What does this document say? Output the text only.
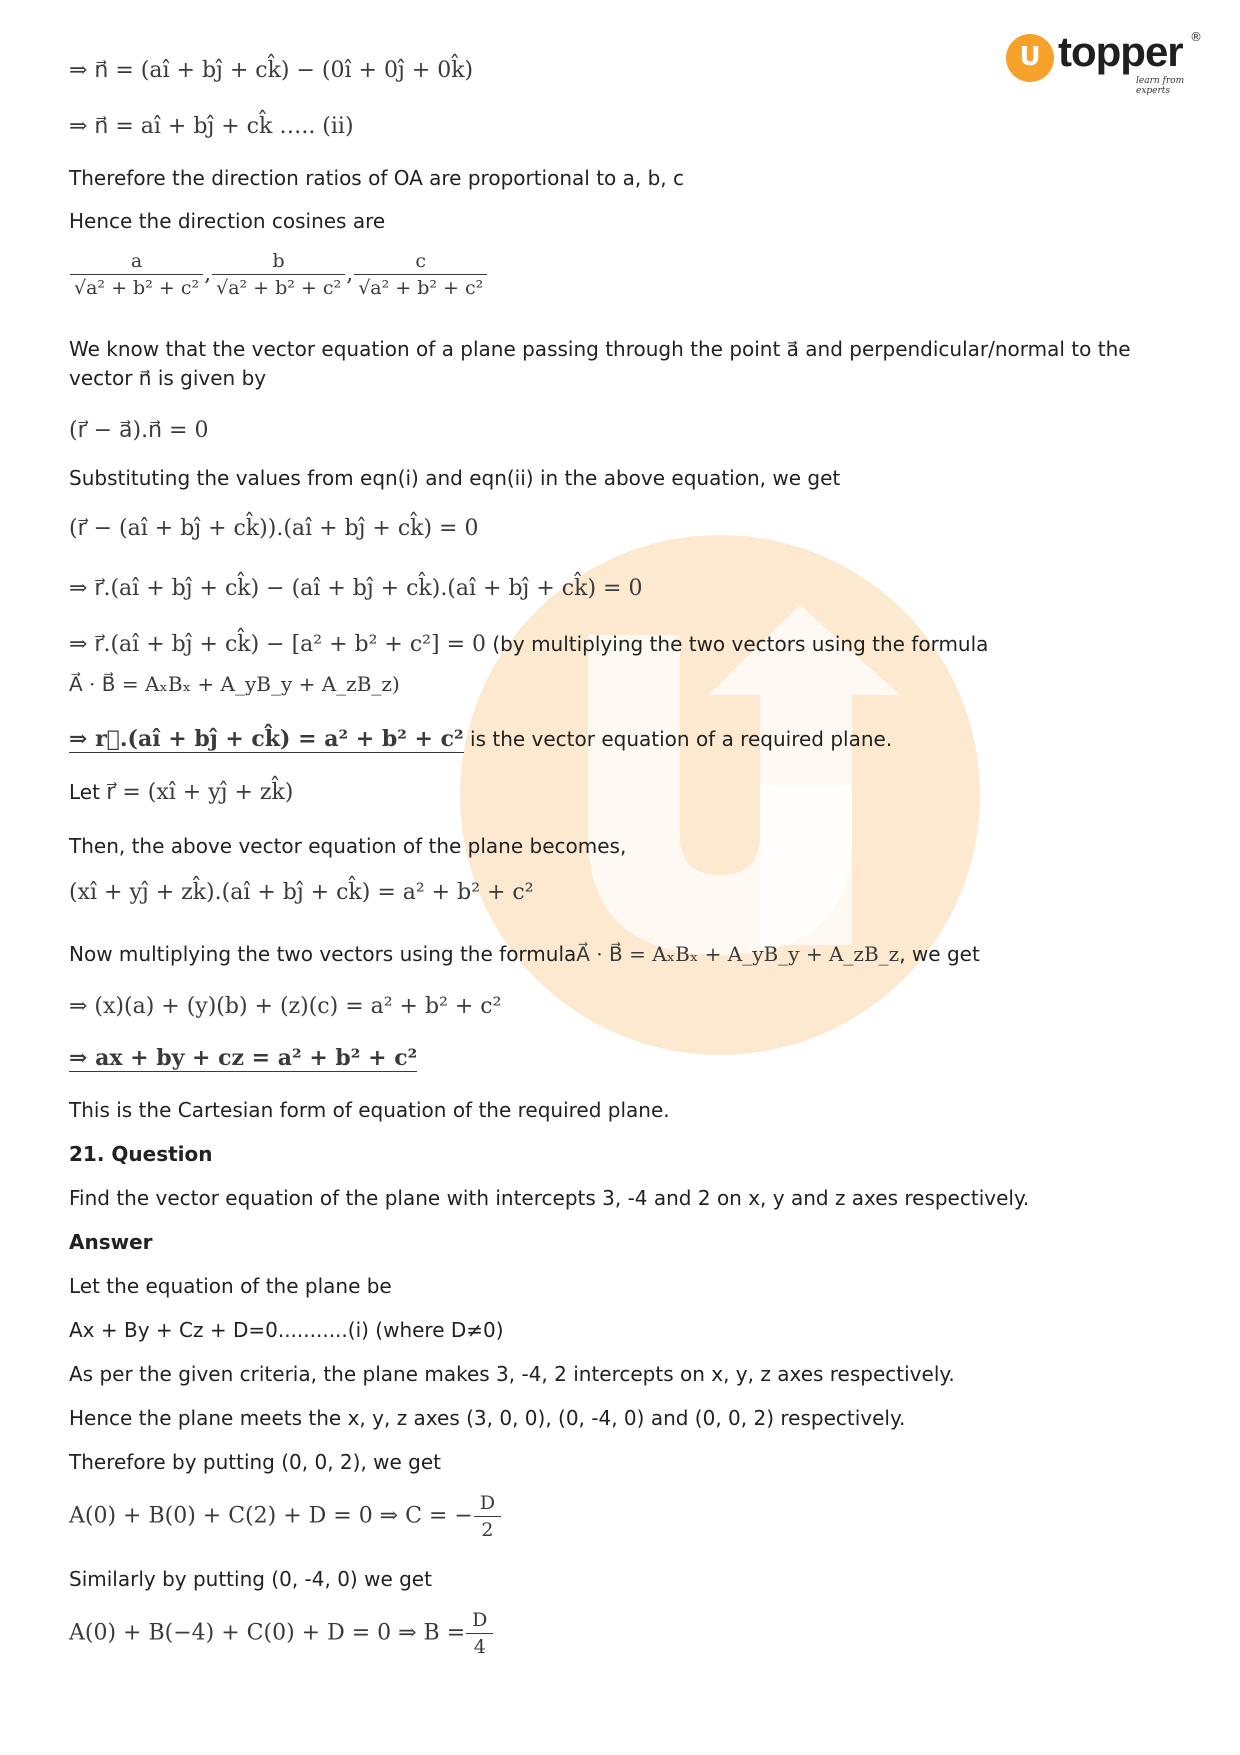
U topper ®
learn from experts
⇒ n⃗ = (aî + bĵ + ck̂) − (0î + 0ĵ + 0k̂)
⇒ n⃗ = aî + bĵ + ck̂ ….. (ii)
Therefore the direction ratios of OA are proportional to a, b, c
Hence the direction cosines are
$\frac{a}{\text{√a² + b² + c²}}$ , $\frac{b}{\text{√a² + b² + c²}}$ , $\frac{c}{\text{√a² + b² + c²}}$
We know that the vector equation of a plane passing through the point a⃗ and perpendicular/normal to the
vector n⃗ is given by
(r⃗ − a⃗).n⃗ = 0
Substituting the values from eqn(i) and eqn(ii) in the above equation, we get
(r⃗ − (aî + bĵ + ck̂)).(aî + bĵ + ck̂) = 0
⇒ r⃗.(aî + bĵ + ck̂) − (aî + bĵ + ck̂).(aî + bĵ + ck̂) = 0
⇒ r⃗.(aî + bĵ + ck̂) − [a² + b² + c²] = 0 (by multiplying the two vectors using the formula
A⃗ · B⃗ = AₓBₓ + A_yB_y + A_zB_z)
⇒ r⃗.(aî + bĵ + ck̂) = a² + b² + c² is the vector equation of a required plane.
Let r⃗ = (xî + yĵ + zk̂)
Then, the above vector equation of the plane becomes,
(xî + yĵ + zk̂).(aî + bĵ + ck̂) = a² + b² + c²
Now multiplying the two vectors using the formulaA⃗ · B⃗ = AₓBₓ + A_yB_y + A_zB_z, we get
⇒ (x)(a) + (y)(b) + (z)(c) = a² + b² + c²
⇒ ax + by + cz = a² + b² + c²
This is the Cartesian form of equation of the required plane.
21. Question
Find the vector equation of the plane with intercepts 3, -4 and 2 on x, y and z axes respectively.
Answer
Let the equation of the plane be
Ax + By + Cz + D=0...........(i) (where D≠0)
As per the given criteria, the plane makes 3, -4, 2 intercepts on x, y, z axes respectively.
Hence the plane meets the x, y, z axes (3, 0, 0), (0, -4, 0) and (0, 0, 2) respectively.
Therefore by putting (0, 0, 2), we get
A(0) + B(0) + C(2) + D = 0 ⇒ C = − $\frac{D}{2}$
Similarly by putting (0, -4, 0) we get
A(0) + B(−4) + C(0) + D = 0 ⇒ $B = \frac{D}{4}$
